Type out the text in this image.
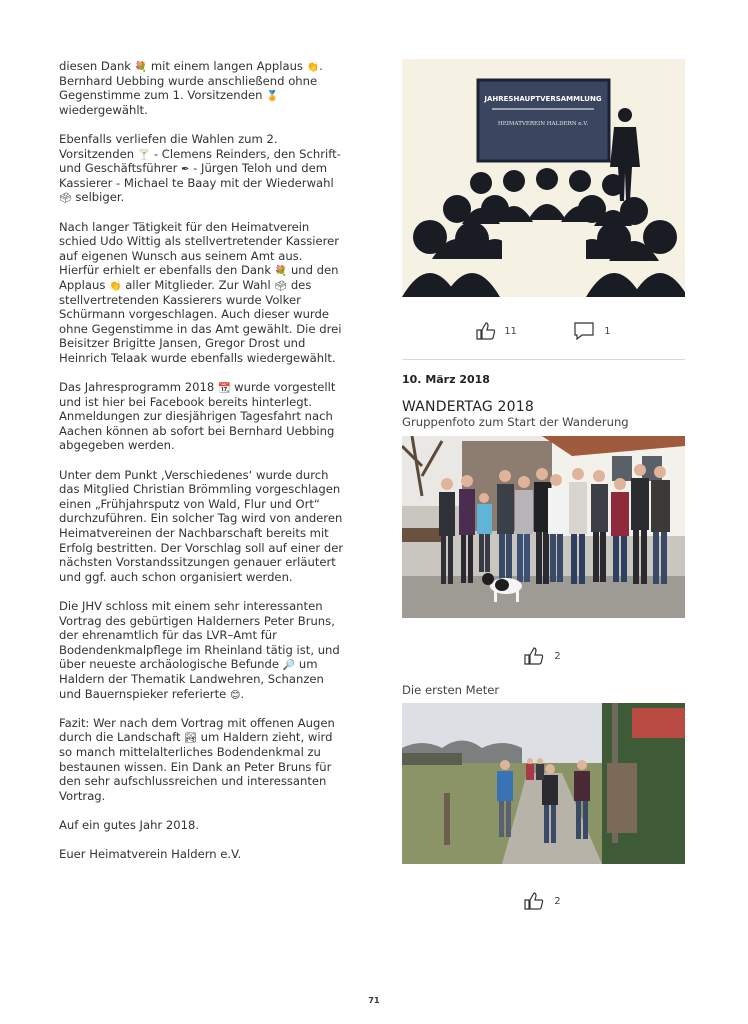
diesen Dank 💐 mit einem langen Applaus 👏. Bernhard Uebbing wurde anschließend ohne Gegenstimme zum 1. Vorsitzenden 🏅 wiedergewählt.

Ebenfalls verliefen die Wahlen zum 2. Vorsitzenden 🍸 - Clemens Reinders, den Schrift- und Geschäftsführer ✒ - Jürgen Teloh und dem Kassierer - Michael te Baay mit der Wiederwahl 🗳 selbiger.

Nach langer Tätigkeit für den Heimatverein schied Udo Wittig als stellvertretender Kassierer auf eigenen Wunsch aus seinem Amt aus. Hierfür erhielt er ebenfalls den Dank 💐 und den Applaus 👏 aller Mitglieder. Zur Wahl 🗳 des stellvertretenden Kassierers wurde Volker Schürmann vorgeschlagen. Auch dieser wurde ohne Gegenstimme in das Amt gewählt. Die drei Beisitzer Brigitte Jansen, Gregor Drost und Heinrich Telaak wurde ebenfalls wiedergewählt.

Das Jahresprogramm 2018 📆 wurde vorgestellt und ist hier bei Facebook bereits hinterlegt. Anmeldungen zur diesjährigen Tagesfahrt nach Aachen können ab sofort bei Bernhard Uebbing abgegeben werden.

Unter dem Punkt ‚Verschiedenes‘ wurde durch das Mitglied Christian Brömmling vorgeschlagen einen „Frühjahrsputz von Wald, Flur und Ort“ durchzuführen. Ein solcher Tag wird von anderen Heimatvereinen der Nachbarschaft bereits mit Erfolg bestritten. Der Vorschlag soll auf einer der nächsten Vorstandssitzungen genauer erläutert und ggf. auch schon organisiert werden.

Die JHV schloss mit einem sehr interessanten Vortrag des gebürtigen Halderners Peter Bruns, der ehrenamtlich für das LVR–Amt für Bodendenkmalpflege im Rheinland tätig ist, und über neueste archäologische Befunde 🔎 um Haldern der Thematik Landwehren, Schanzen und Bauernspieker referierte 😊.

Fazit: Wer nach dem Vortrag mit offenen Augen durch die Landschaft 🏞 um Haldern zieht, wird so manch mittelalterliches Bodendenkmal zu bestaunen wissen. Ein Dank an Peter Bruns für den sehr aufschlussreichen und interessanten Vortrag.

Auf ein gutes Jahr 2018.

Euer Heimatverein Haldern e.V.

JAHRESHAUPTVERSAMMLUNG
HEIMATVEREIN HALDERN e.V.
11	1
10. März 2018
WANDERTAG 2018
Gruppenfoto zum Start der Wanderung
2
Die ersten Meter
2
71
